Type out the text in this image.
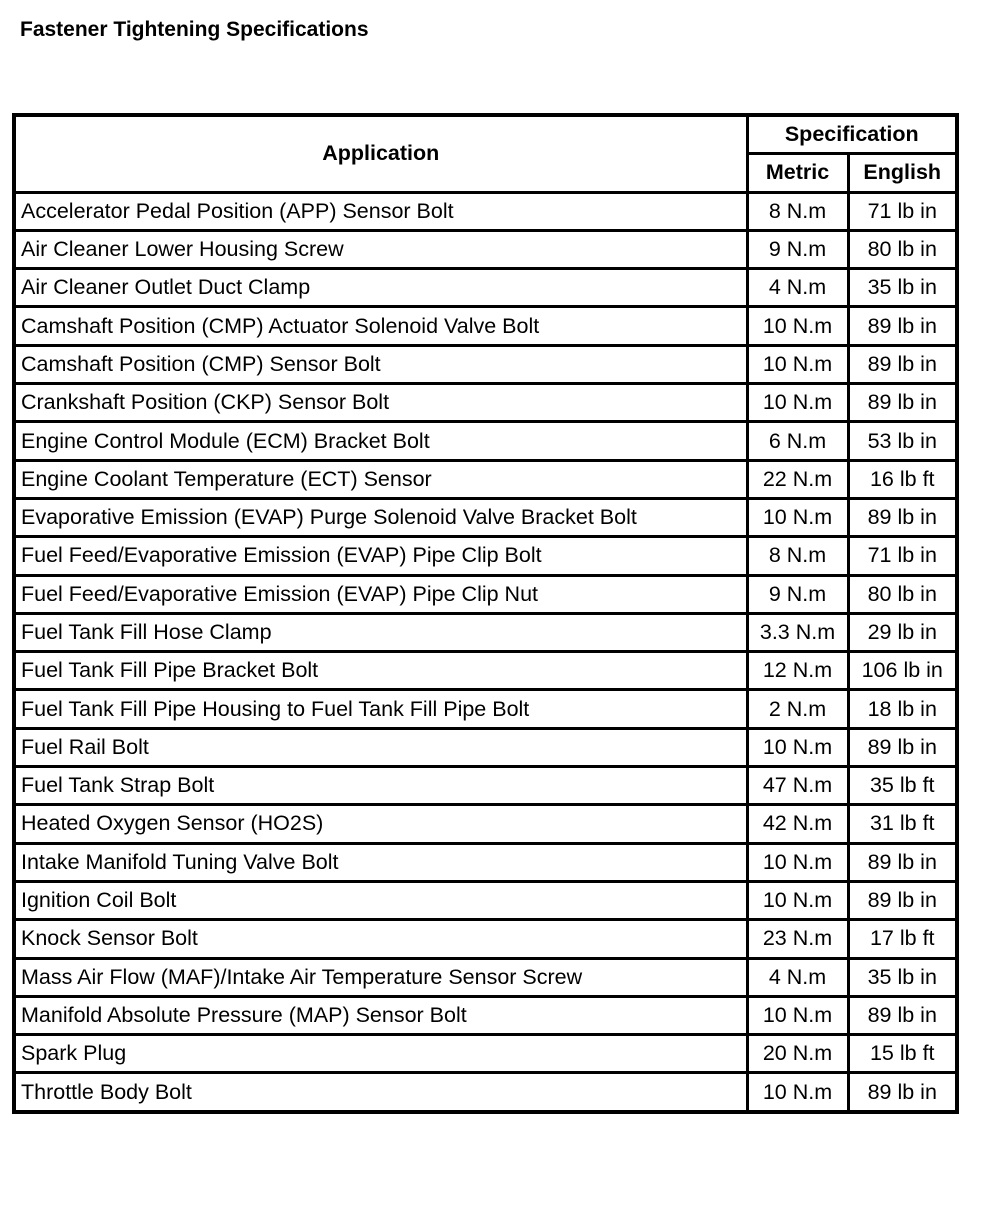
Fastener Tightening Specifications
Application	Specification	
	Metric	English
Accelerator Pedal Position (APP) Sensor Bolt	8 N.m	71 lb in
Air Cleaner Lower Housing Screw	9 N.m	80 lb in
Air Cleaner Outlet Duct Clamp	4 N.m	35 lb in
Camshaft Position (CMP) Actuator Solenoid Valve Bolt	10 N.m	89 lb in
Camshaft Position (CMP) Sensor Bolt	10 N.m	89 lb in
Crankshaft Position (CKP) Sensor Bolt	10 N.m	89 lb in
Engine Control Module (ECM) Bracket Bolt	6 N.m	53 lb in
Engine Coolant Temperature (ECT) Sensor	22 N.m	16 lb ft
Evaporative Emission (EVAP) Purge Solenoid Valve Bracket Bolt	10 N.m	89 lb in
Fuel Feed/Evaporative Emission (EVAP) Pipe Clip Bolt	8 N.m	71 lb in
Fuel Feed/Evaporative Emission (EVAP) Pipe Clip Nut	9 N.m	80 lb in
Fuel Tank Fill Hose Clamp	3.3 N.m	29 lb in
Fuel Tank Fill Pipe Bracket Bolt	12 N.m	106 lb in
Fuel Tank Fill Pipe Housing to Fuel Tank Fill Pipe Bolt	2 N.m	18 lb in
Fuel Rail Bolt	10 N.m	89 lb in
Fuel Tank Strap Bolt	47 N.m	35 lb ft
Heated Oxygen Sensor (HO2S)	42 N.m	31 lb ft
Intake Manifold Tuning Valve Bolt	10 N.m	89 lb in
Ignition Coil Bolt	10 N.m	89 lb in
Knock Sensor Bolt	23 N.m	17 lb ft
Mass Air Flow (MAF)/Intake Air Temperature Sensor Screw	4 N.m	35 lb in
Manifold Absolute Pressure (MAP) Sensor Bolt	10 N.m	89 lb in
Spark Plug	20 N.m	15 lb ft
Throttle Body Bolt	10 N.m	89 lb in
